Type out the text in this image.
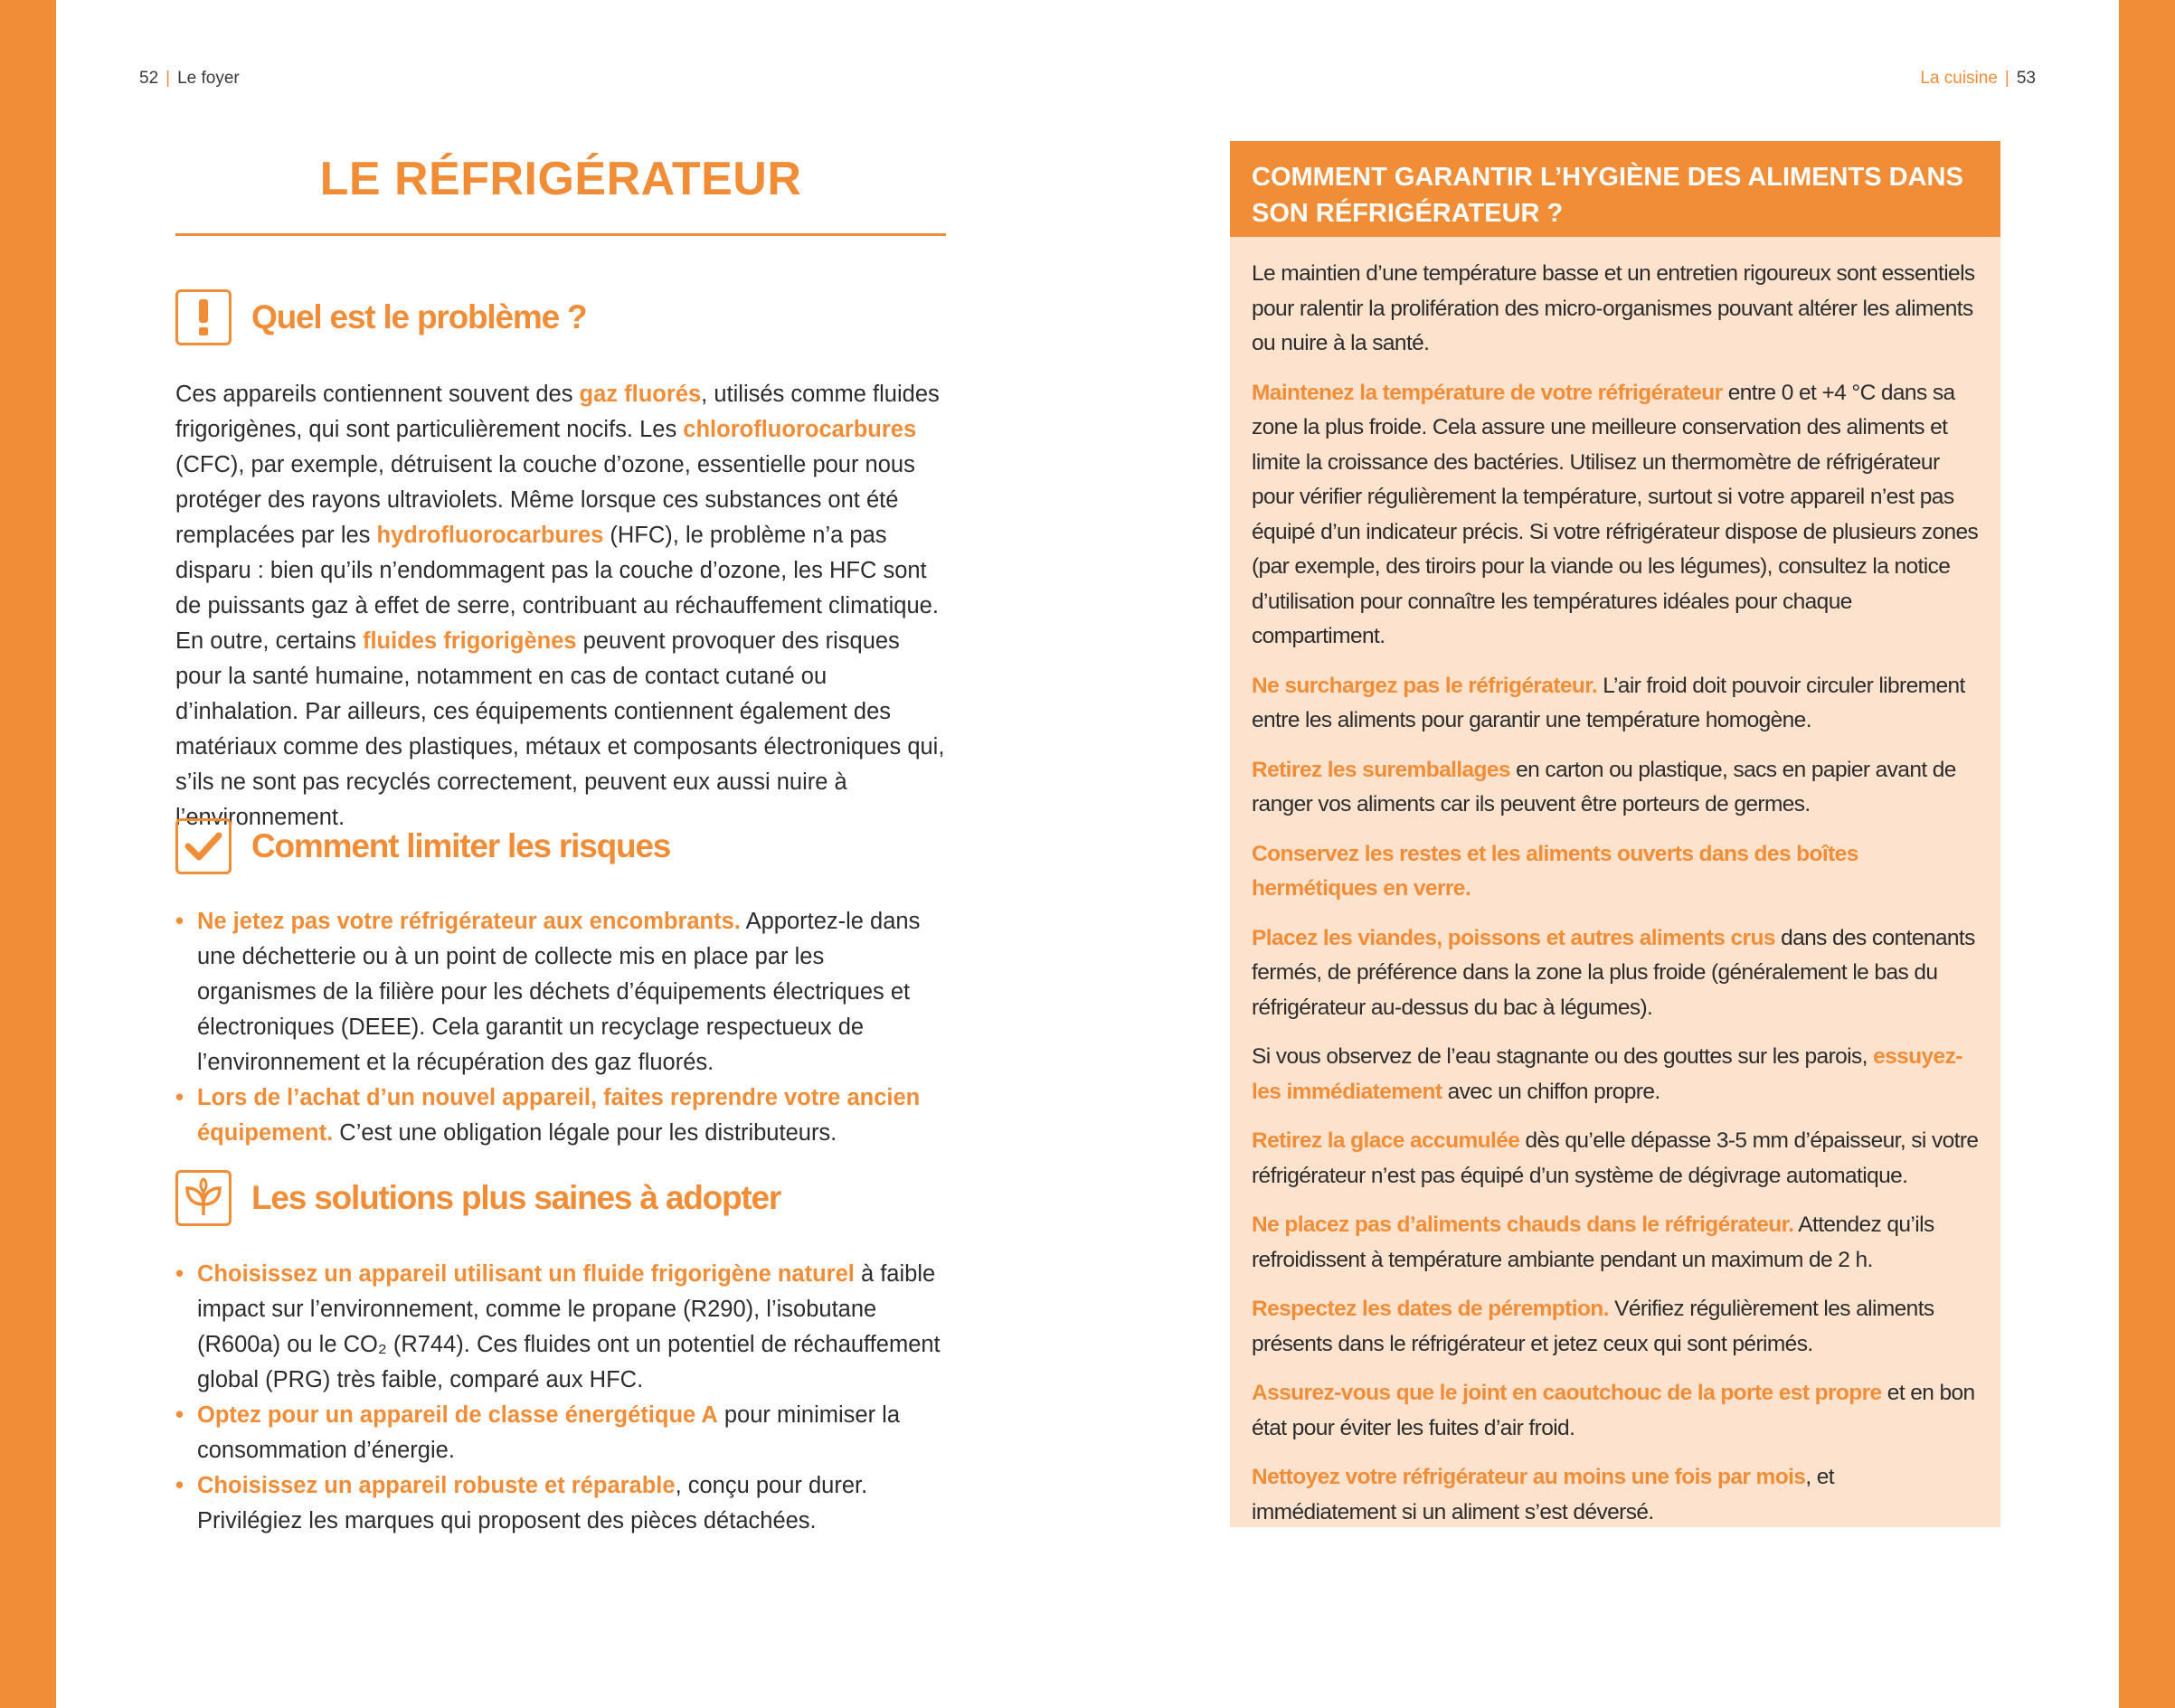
52 | Le foyer
LE RÉFRIGÉRATEUR
Quel est le problème ?

Ces appareils contiennent souvent des gaz fluorés, utilisés comme fluides frigorigènes, qui sont particulièrement nocifs. Les chlorofluorocarbures (CFC), par exemple, détruisent la couche d’ozone, essentielle pour nous protéger des rayons ultraviolets. Même lorsque ces substances ont été remplacées par les hydrofluorocarbures (HFC), le problème n’a pas disparu : bien qu’ils n’endommagent pas la couche d’ozone, les HFC sont de puissants gaz à effet de serre, contribuant au réchauffement climatique. En outre, certains fluides frigorigènes peuvent provoquer des risques pour la santé humaine, notamment en cas de contact cutané ou d’inhalation. Par ailleurs, ces équipements contiennent également des matériaux comme des plastiques, métaux et composants électroniques qui, s’ils ne sont pas recyclés correctement, peuvent eux aussi nuire à l’environnement.

Comment limiter les risques
• Ne jetez pas votre réfrigérateur aux encombrants. Apportez-le dans une déchetterie ou à un point de collecte mis en place par les organismes de la filière pour les déchets d’équipements électriques et électroniques (DEEE). Cela garantit un recyclage respectueux de l’environnement et la récupération des gaz fluorés.
• Lors de l’achat d’un nouvel appareil, faites reprendre votre ancien équipement. C’est une obligation légale pour les distributeurs.
Les solutions plus saines à adopter
• Choisissez un appareil utilisant un fluide frigorigène naturel à faible impact sur l’environnement, comme le propane (R290), l’isobutane (R600a) ou le CO₂ (R744). Ces fluides ont un potentiel de réchauffement global (PRG) très faible, comparé aux HFC.
• Optez pour un appareil de classe énergétique A pour minimiser la consommation d’énergie.
• Choisissez un appareil robuste et réparable, conçu pour durer. Privilégiez les marques qui proposent des pièces détachées.
La cuisine | 53
COMMENT GARANTIR L’HYGIÈNE DES ALIMENTS DANS SON RÉFRIGÉRATEUR ?

Le maintien d’une température basse et un entretien rigoureux sont essentiels pour ralentir la prolifération des micro-organismes pouvant altérer les aliments ou nuire à la santé.

Maintenez la température de votre réfrigérateur entre 0 et +4 °C dans sa zone la plus froide. Cela assure une meilleure conservation des aliments et limite la croissance des bactéries. Utilisez un thermomètre de réfrigérateur pour vérifier régulièrement la température, surtout si votre appareil n’est pas équipé d’un indicateur précis. Si votre réfrigérateur dispose de plusieurs zones (par exemple, des tiroirs pour la viande ou les légumes), consultez la notice d’utilisation pour connaître les températures idéales pour chaque compartiment.

Ne surchargez pas le réfrigérateur. L’air froid doit pouvoir circuler librement entre les aliments pour garantir une température homogène.

Retirez les suremballages en carton ou plastique, sacs en papier avant de ranger vos aliments car ils peuvent être porteurs de germes.

Conservez les restes et les aliments ouverts dans des boîtes hermétiques en verre.

Placez les viandes, poissons et autres aliments crus dans des contenants fermés, de préférence dans la zone la plus froide (généralement le bas du réfrigérateur au-dessus du bac à légumes).

Si vous observez de l’eau stagnante ou des gouttes sur les parois, essuyez-les immédiatement avec un chiffon propre.

Retirez la glace accumulée dès qu’elle dépasse 3-5 mm d’épaisseur, si votre réfrigérateur n’est pas équipé d’un système de dégivrage automatique.

Ne placez pas d’aliments chauds dans le réfrigérateur. Attendez qu’ils refroidissent à température ambiante pendant un maximum de 2 h.

Respectez les dates de péremption. Vérifiez régulièrement les aliments présents dans le réfrigérateur et jetez ceux qui sont périmés.

Assurez-vous que le joint en caoutchouc de la porte est propre et en bon état pour éviter les fuites d’air froid.

Nettoyez votre réfrigérateur au moins une fois par mois, et immédiatement si un aliment s’est déversé.
